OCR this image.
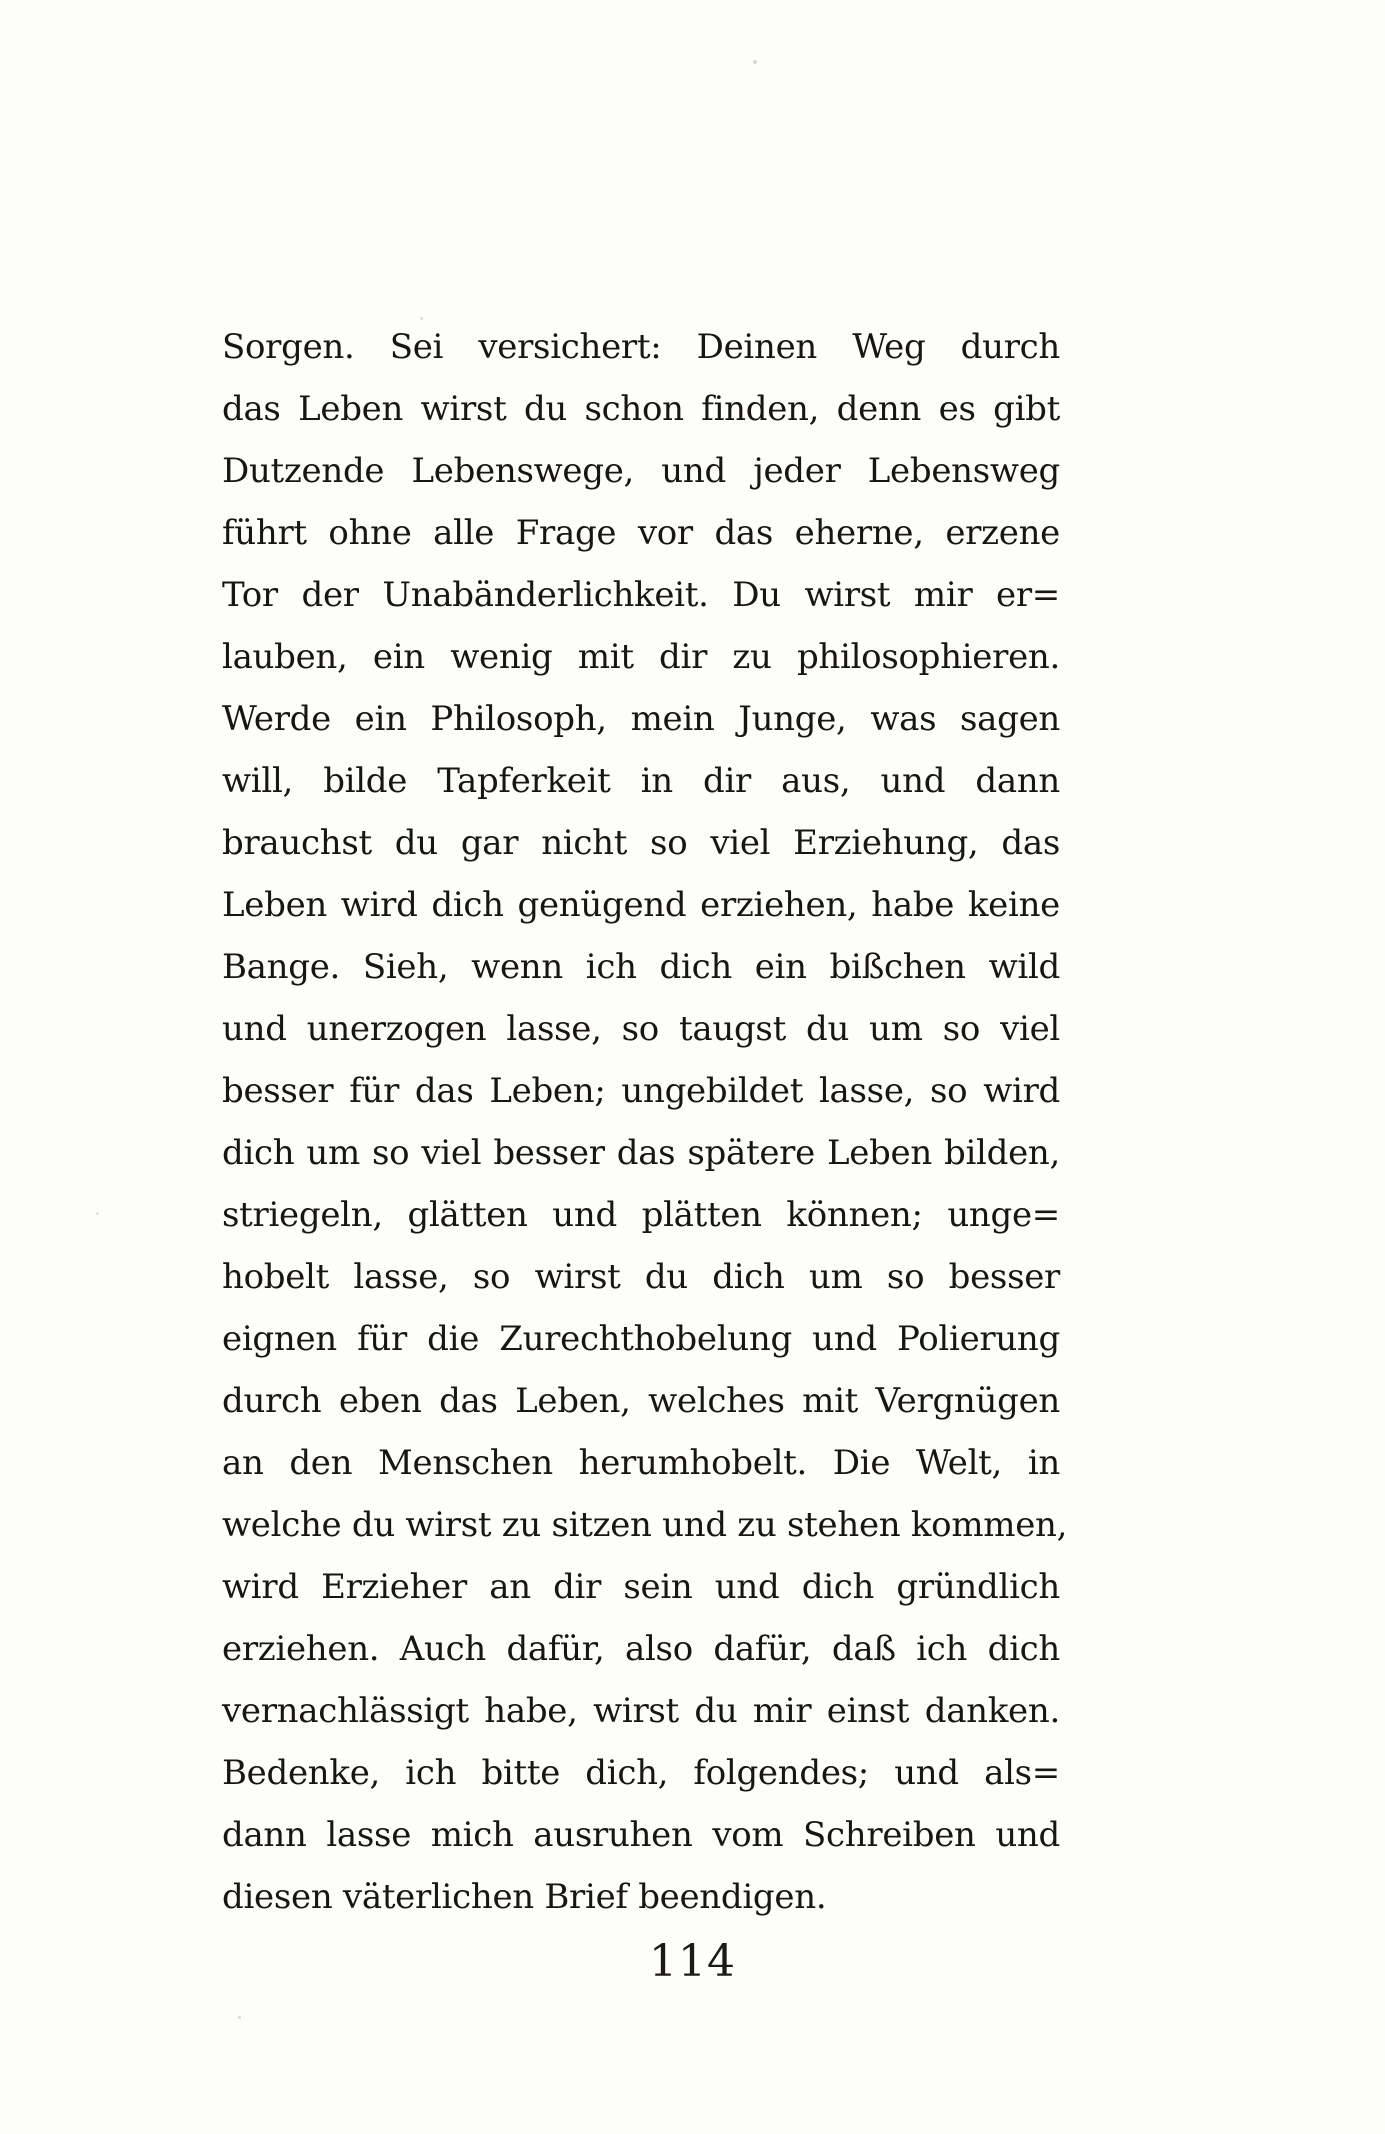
Sorgen. Sei versichert: Deinen Weg durch
das Leben wirst du schon finden, denn es gibt
Dutzende Lebenswege, und jeder Lebensweg
führt ohne alle Frage vor das eherne, erzene
Tor der Unabänderlichkeit. Du wirst mir er=
lauben, ein wenig mit dir zu philosophieren.
Werde ein Philosoph, mein Junge, was sagen
will, bilde Tapferkeit in dir aus, und dann
brauchst du gar nicht so viel Erziehung, das
Leben wird dich genügend erziehen, habe keine
Bange. Sieh, wenn ich dich ein bißchen wild
und unerzogen lasse, so taugst du um so viel
besser für das Leben; ungebildet lasse, so wird
dich um so viel besser das spätere Leben bilden,
striegeln, glätten und plätten können; unge=
hobelt lasse, so wirst du dich um so besser
eignen für die Zurechthobelung und Polierung
durch eben das Leben, welches mit Vergnügen
an den Menschen herumhobelt. Die Welt, in
welche du wirst zu sitzen und zu stehen kommen,
wird Erzieher an dir sein und dich gründlich
erziehen. Auch dafür, also dafür, daß ich dich
vernachlässigt habe, wirst du mir einst danken.
Bedenke, ich bitte dich, folgendes; und als=
dann lasse mich ausruhen vom Schreiben und
diesen väterlichen Brief beendigen.
114
